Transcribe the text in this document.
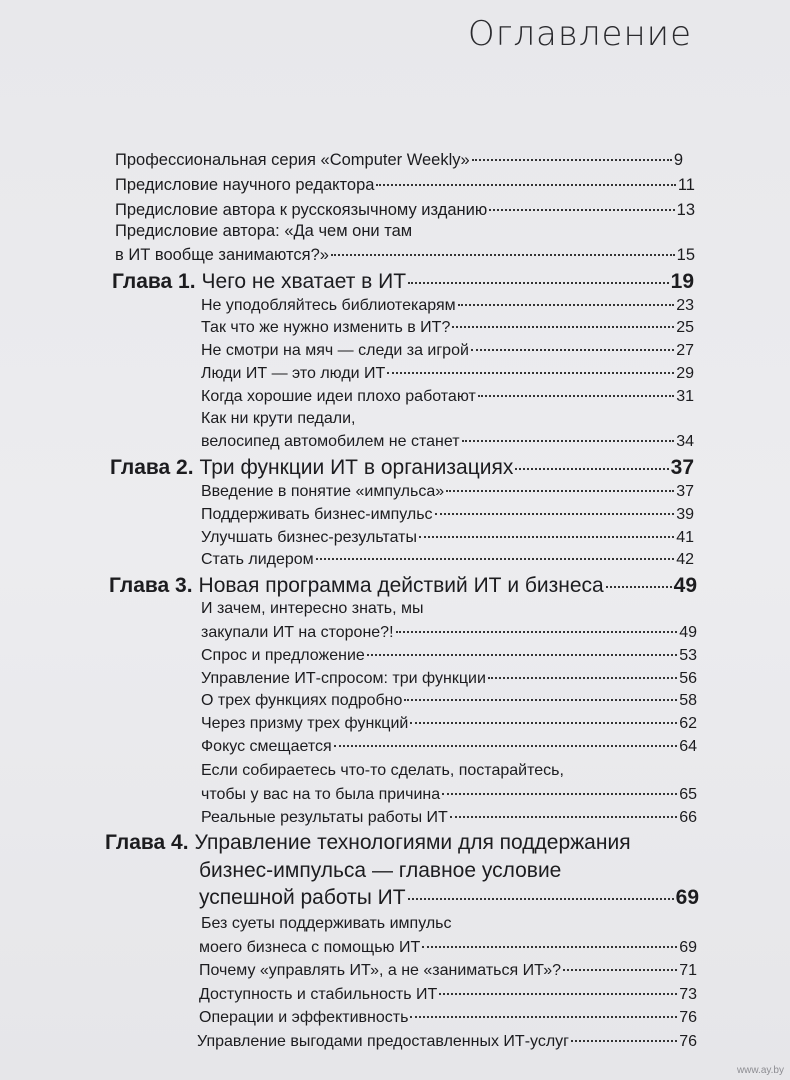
Оглавление
Профессиональная серия «Computer Weekly»	9
Предисловие научного редактора	11
Предисловие автора к русскоязычному изданию	13
Предисловие автора: «Да чем они там
в ИТ вообще занимаются?»	15
Глава 1. Чего не хватает в ИТ	19
Не уподобляйтесь библиотекарям	23
Так что же нужно изменить в ИТ?	25
Не смотри на мяч — следи за игрой	27
Люди ИТ — это люди ИТ	29
Когда хорошие идеи плохо работают	31
Как ни крути педали,
велосипед автомобилем не станет	34
Глава 2. Три функции ИТ в организациях	37
Введение в понятие «импульса»	37
Поддерживать бизнес-импульс	39
Улучшать бизнес-результаты	41
Стать лидером	42
Глава 3. Новая программа действий ИТ и бизнеса	49
И зачем, интересно знать, мы
закупали ИТ на стороне?!	49
Спрос и предложение	53
Управление ИТ-спросом: три функции	56
О трех функциях подробно	58
Через призму трех функций	62
Фокус смещается	64
Если собираетесь что-то сделать, постарайтесь,
чтобы у вас на то была причина	65
Реальные результаты работы ИТ	66
Глава 4. Управление технологиями для поддержания
бизнес-импульса — главное условие
успешной работы ИТ	69
Без суеты поддерживать импульс
моего бизнеса с помощью ИТ	69
Почему «управлять ИТ», а не «заниматься ИТ»?	71
Доступность и стабильность ИТ	73
Операции и эффективность	76
Управление выгодами предоставленных ИТ-услуг	76
www.ay.by
